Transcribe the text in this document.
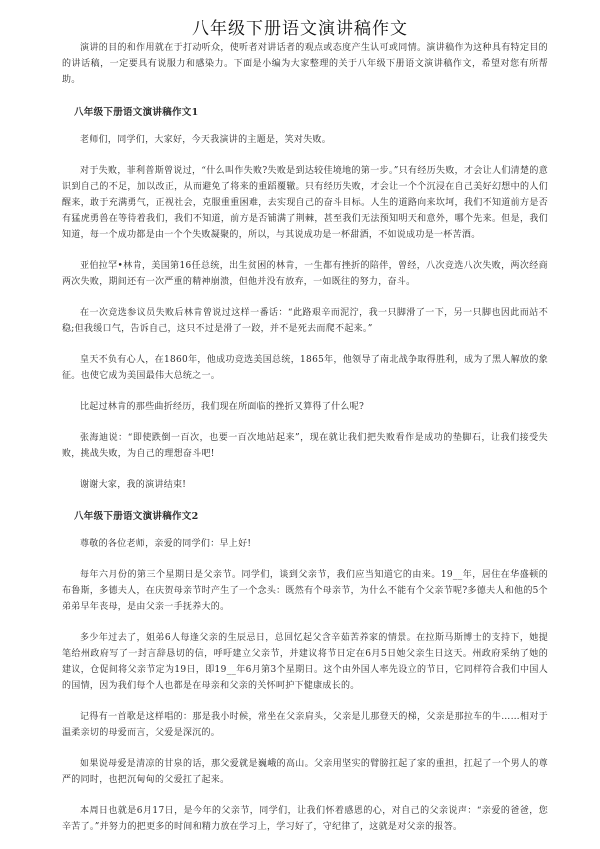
八年级下册语文演讲稿作文

演讲的目的和作用就在于打动听众，使听者对讲话者的观点或态度产生认可或同情。演讲稿作为这种具有特定目的的讲话稿，一定要具有说服力和感染力。下面是小编为大家整理的关于八年级下册语文演讲稿作文，希望对您有所帮助。

八年级下册语文演讲稿作文1

老师们，同学们，大家好，今天我演讲的主题是，笑对失败。

对于失败，菲利普斯曾说过，“什么叫作失败?失败是到达较佳境地的第一步。”只有经历失败，才会让人们清楚的意识到自己的不足，加以改正，从而避免了将来的重蹈覆辙。只有经历失败，才会让一个个沉浸在自己美好幻想中的人们醒来，敢于充满勇气，正视社会，克服重重困难，去实现自己的奋斗目标。人生的道路向来坎坷，我们不知道前方是否有猛虎勇兽在等待着我们，我们不知道，前方是否铺满了荆棘，甚至我们无法预知明天和意外，哪个先来。但是，我们知道，每一个成功都是由一个个失败凝聚的，所以，与其说成功是一杯甜酒，不如说成功是一杯苦酒。

亚伯拉罕•林肯，美国第16任总统，出生贫困的林肯，一生都有挫折的陪伴，曾经，八次竞选八次失败，两次经商两次失败，期间还有一次严重的精神崩溃，但他并没有放弃，一如既往的努力，奋斗。

在一次竞选参议员失败后林肯曾说过这样一番话：“此路艰辛而泥泞，我一只脚滑了一下，另一只脚也因此而站不稳;但我缓口气，告诉自己，这只不过是滑了一跤，并不是死去而爬不起来。”

皇天不负有心人，在1860年，他成功竞选美国总统，1865年，他领导了南北战争取得胜利，成为了黑人解放的象征。也使它成为美国最伟大总统之一。

比起过林肯的那些曲折经历，我们现在所面临的挫折又算得了什么呢?

张海迪说：“即使跌倒一百次，也要一百次地站起来”，现在就让我们把失败看作是成功的垫脚石，让我们接受失败，挑战失败，为自己的理想奋斗吧!

谢谢大家，我的演讲结束!

八年级下册语文演讲稿作文2

尊敬的各位老师，亲爱的同学们：早上好!

每年六月份的第三个星期日是父亲节。同学们，谈到父亲节，我们应当知道它的由来。19__年，居住在华盛顿的布鲁斯，多德夫人，在庆贺母亲节时产生了一个念头：既然有个母亲节，为什么不能有个父亲节呢?多德夫人和他的5个弟弟早年丧母，是由父亲一手抚养大的。

多少年过去了，姐弟6人每逢父亲的生辰忌日，总回忆起父含辛茹苦养家的情景。在拉斯马斯博士的支持下，她提笔给州政府写了一封言辞恳切的信，呼吁建立父亲节，并建议将节日定在6月5日她父亲生日这天。州政府采纳了她的建议，仓促间将父亲节定为19日，即19__年6月第3个星期日。这个由外国人率先设立的节日，它同样符合我们中国人的国情，因为我们每个人也都是在母亲和父亲的关怀呵护下健康成长的。

记得有一首歌是这样唱的：那是我小时候，常坐在父亲肩头，父亲是儿那登天的梯，父亲是那拉车的牛……相对于温柔亲切的母爱而言，父爱是深沉的。

如果说母爱是清凉的甘泉的话，那父爱就是巍峨的高山。父亲用坚实的臂膀扛起了家的重担，扛起了一个男人的尊严的同时，也把沉甸甸的父爱扛了起来。

本周日也就是6月17日，是今年的父亲节，同学们，让我们怀着感恩的心，对自己的父亲说声：“亲爱的爸爸，您辛苦了。”并努力的把更多的时间和精力放在学习上，学习好了，守纪律了，这就是对父亲的报答。
